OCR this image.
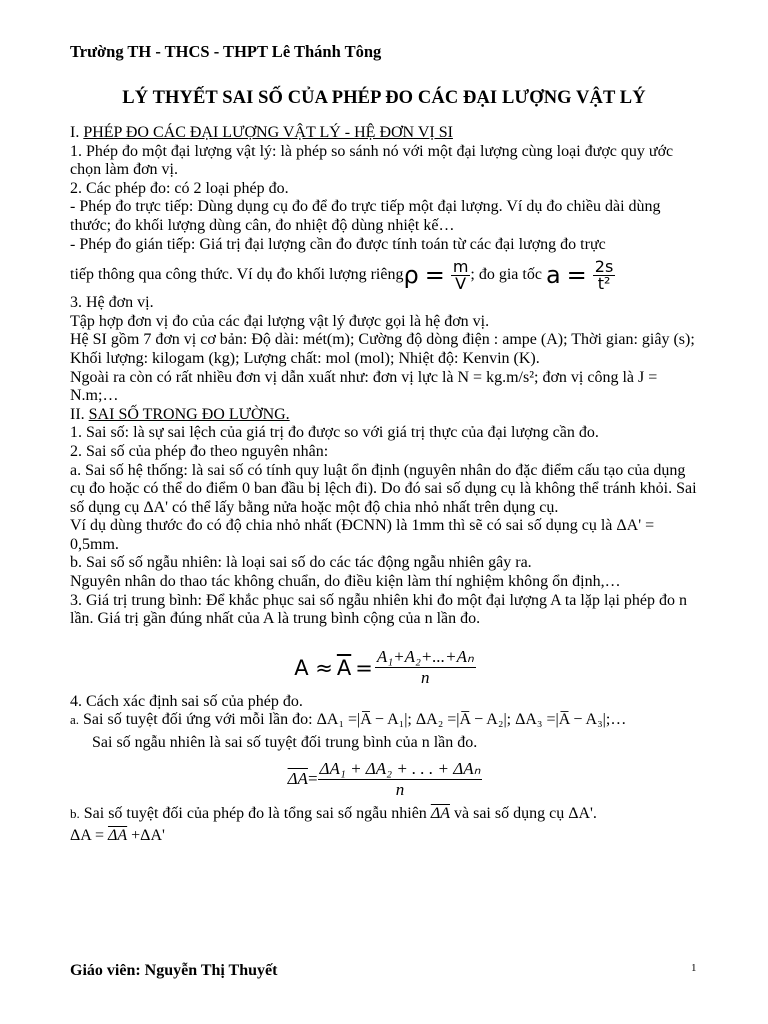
Trường TH - THCS - THPT Lê Thánh Tông
LÝ THYẾT SAI SỐ CỦA PHÉP ĐO CÁC ĐẠI LƯỢNG VẬT LÝ

I. PHÉP ĐO CÁC ĐẠI LƯỢNG VẬT LÝ - HỆ ĐƠN VỊ SI

1. Phép đo một đại lượng vật lý: là phép so sánh nó với một đại lượng cùng loại được quy ước chọn làm đơn vị.

2. Các phép đo: có 2 loại phép đo.

- Phép đo trực tiếp: Dùng dụng cụ đo để đo trực tiếp một đại lượng. Ví dụ đo chiều dài dùng thước; đo khối lượng dùng cân, đo nhiệt độ dùng nhiệt kế…

- Phép đo gián tiếp: Giá trị đại lượng cần đo được tính toán từ các đại lượng đo trực

tiếp thông qua công thức. Ví dụ đo khối lượng riêng $\rho = \frac{m}{V}$ ; đo gia tốc $a = \frac{2s}{\text{t²}}$

3. Hệ đơn vị.

Tập hợp đơn vị đo của các đại lượng vật lý được gọi là hệ đơn vị.

Hệ SI gồm 7 đơn vị cơ bản: Độ dài: mét(m); Cường độ dòng điện : ampe (A); Thời gian: giây (s); Khối lượng: kilogam (kg); Lượng chất: mol (mol); Nhiệt độ: Kenvin (K).

Ngoài ra còn có rất nhiều đơn vị dẫn xuất như: đơn vị lực là N = kg.m/s²; đơn vị công là J = N.m;…

II. SAI SỐ TRONG ĐO LƯỜNG.

1. Sai số: là sự sai lệch của giá trị đo được so với giá trị thực của đại lượng cần đo.

2. Sai số của phép đo theo nguyên nhân:

a. Sai số hệ thống: là sai số có tính quy luật ổn định (nguyên nhân do đặc điểm cấu tạo của dụng cụ đo hoặc có thể do điểm 0 ban đầu bị lệch đi). Do đó sai số dụng cụ là không thể tránh khỏi. Sai số dụng cụ ΔA' có thể lấy bằng nửa hoặc một độ chia nhỏ nhất trên dụng cụ.

Ví dụ dùng thước đo có độ chia nhỏ nhất (ĐCNN) là 1mm thì sẽ có sai số dụng cụ là ΔA' = 0,5mm.

b. Sai số số ngẫu nhiên: là loại sai số do các tác động ngẫu nhiên gây ra.

Nguyên nhân do thao tác không chuẩn, do điều kiện làm thí nghiệm không ổn định,…

3. Giá trị trung bình: Để khắc phục sai số ngẫu nhiên khi đo một đại lượng A ta lặp lại phép đo n lần. Giá trị gần đúng nhất của A là trung bình cộng của n lần đo.

$A \approx \overline{A} = \frac{\text{A₁+A₂+...+Aₙ}}{n}$

4. Cách xác định sai số của phép đo.

a. Sai số tuyệt đối ứng với mỗi lần đo: ΔA₁ =|A̅ − A₁|; ΔA₂ =|A̅ − A₂|; ΔA₃ =|A̅ − A₃|;…

Sai số ngẫu nhiên là sai số tuyệt đối trung bình của n lần đo.

$\overline{\Delta A} = \frac{\text{ΔA₁ + ΔA₂ + . . . + ΔAₙ}}{n}$

b. Sai số tuyệt đối của phép đo là tổng sai số ngẫu nhiên $\overline{\Delta A}$ và sai số dụng cụ ΔA'.

$\Delta A = \overline{\Delta A} +\Delta A'$

Giáo viên: Nguyễn Thị Thuyết	1
